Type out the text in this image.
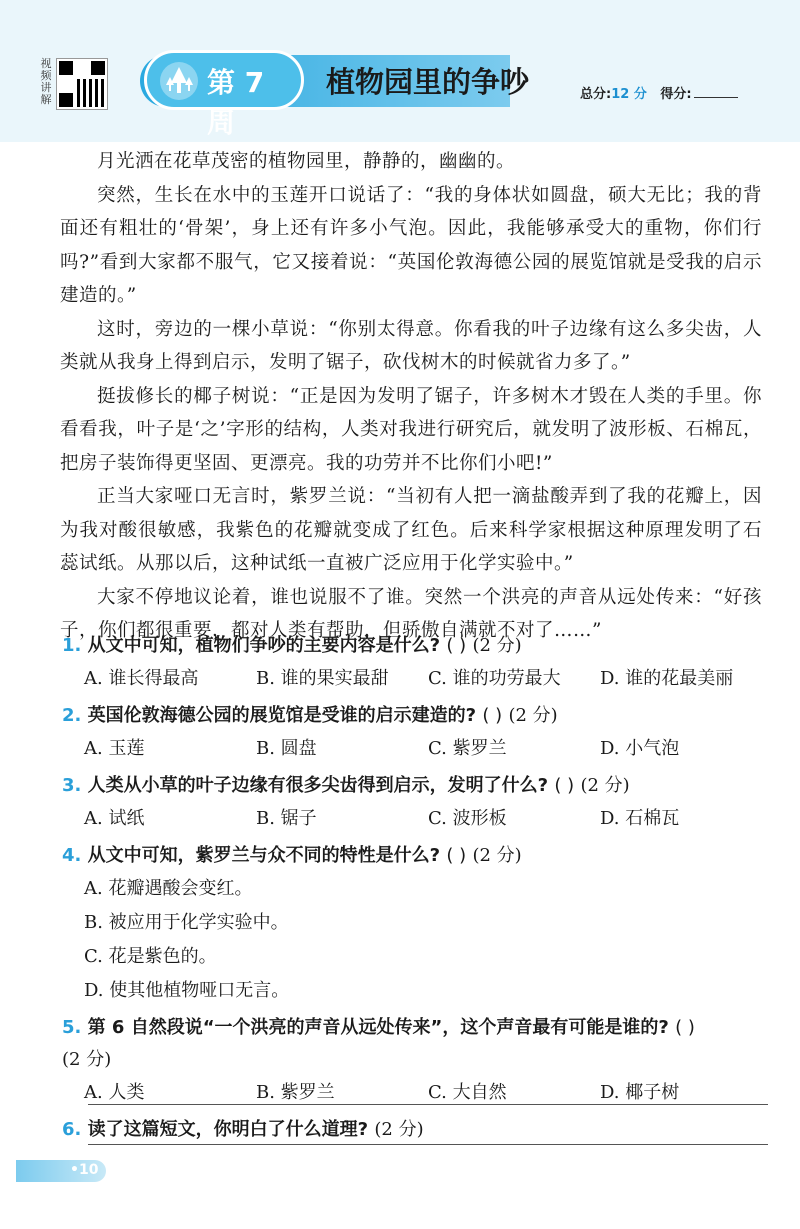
视频讲解
第 7 周
植物园里的争吵	总分:12 分 得分:

月光洒在花草茂密的植物园里，静静的，幽幽的。

突然，生长在水中的玉莲开口说话了：“我的身体状如圆盘，硕大无比；我的背面还有粗壮的‘骨架’，身上还有许多小气泡。因此，我能够承受大的重物，你们行吗?”看到大家都不服气，它又接着说：“英国伦敦海德公园的展览馆就是受我的启示建造的。”

这时，旁边的一棵小草说：“你别太得意。你看我的叶子边缘有这么多尖齿，人类就从我身上得到启示，发明了锯子，砍伐树木的时候就省力多了。”

挺拔修长的椰子树说：“正是因为发明了锯子，许多树木才毁在人类的手里。你看看我，叶子是‘之’字形的结构，人类对我进行研究后，就发明了波形板、石棉瓦，把房子装饰得更坚固、更漂亮。我的功劳并不比你们小吧!”

正当大家哑口无言时，紫罗兰说：“当初有人把一滴盐酸弄到了我的花瓣上，因为我对酸很敏感，我紫色的花瓣就变成了红色。后来科学家根据这种原理发明了石蕊试纸。从那以后，这种试纸一直被广泛应用于化学实验中。”

大家不停地议论着，谁也说服不了谁。突然一个洪亮的声音从远处传来：“好孩子，你们都很重要，都对人类有帮助，但骄傲自满就不对了……”

1. 从文中可知，植物们争吵的主要内容是什么? ( ) (2 分)

A. 谁长得最高	B. 谁的果实最甜	C. 谁的功劳最大	D. 谁的花最美丽

2. 英国伦敦海德公园的展览馆是受谁的启示建造的? ( ) (2 分)

A. 玉莲	B. 圆盘	C. 紫罗兰	D. 小气泡

3. 人类从小草的叶子边缘有很多尖齿得到启示，发明了什么? ( ) (2 分)

A. 试纸	B. 锯子	C. 波形板	D. 石棉瓦

4. 从文中可知，紫罗兰与众不同的特性是什么? ( ) (2 分)

A. 花瓣遇酸会变红。
B. 被应用于化学实验中。
C. 花是紫色的。
D. 使其他植物哑口无言。

5. 第 6 自然段说“一个洪亮的声音从远处传来”，这个声音最有可能是谁的? ( )
(2 分)

A. 人类	B. 紫罗兰	C. 大自然	D. 椰子树

6. 读了这篇短文，你明白了什么道理? (2 分)

•10
